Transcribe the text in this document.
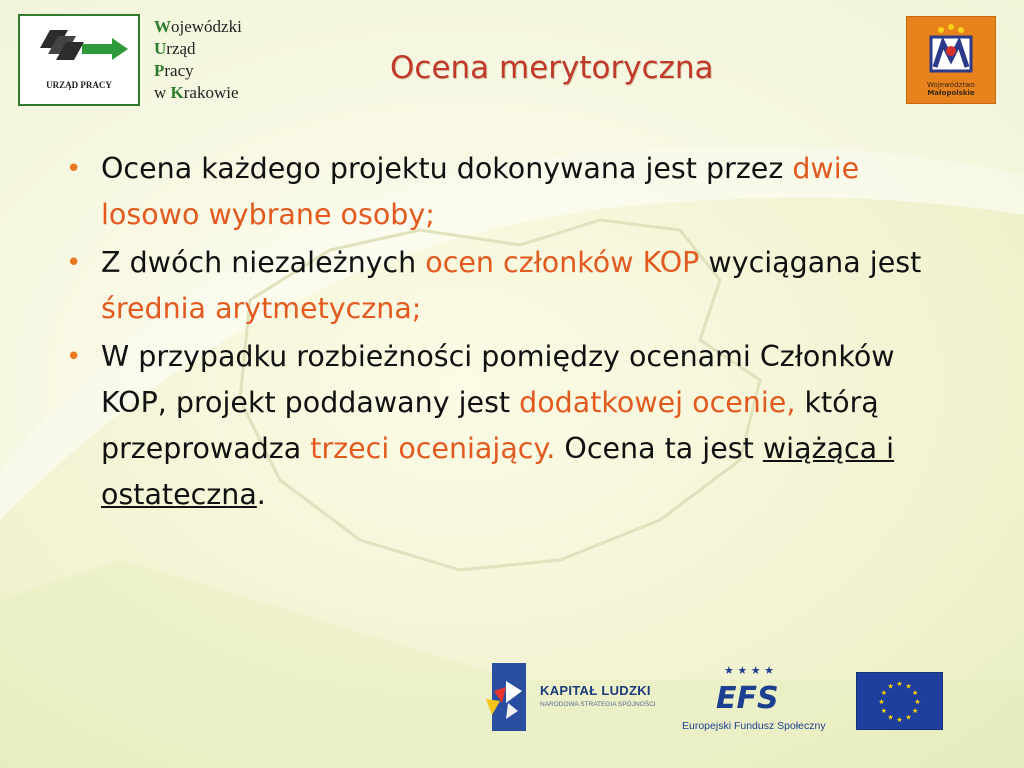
URZĄD PRACY
Wojewódzki
Urząd
Pracy
w Krakowie
Ocena merytoryczna	Województwo
Małopolskie
• Ocena każdego projektu dokonywana jest przez dwie losowo wybrane osoby;
• Z dwóch niezależnych ocen członków KOP wyciągana jest średnia arytmetyczna;
• W przypadku rozbieżności pomiędzy ocenami Członków KOP, projekt poddawany jest dodatkowej ocenie, którą przeprowadza trzeci oceniający. Ocena ta jest wiążąca i ostateczna.
KAPITAŁ LUDZKI
NARODOWA STRATEGIA SPÓJNOŚCI
★ ★ ★ ★
EFS
Europejski Fundusz Społeczny
★
★
★
★
★
★
★
★
★ ★ ★
★
